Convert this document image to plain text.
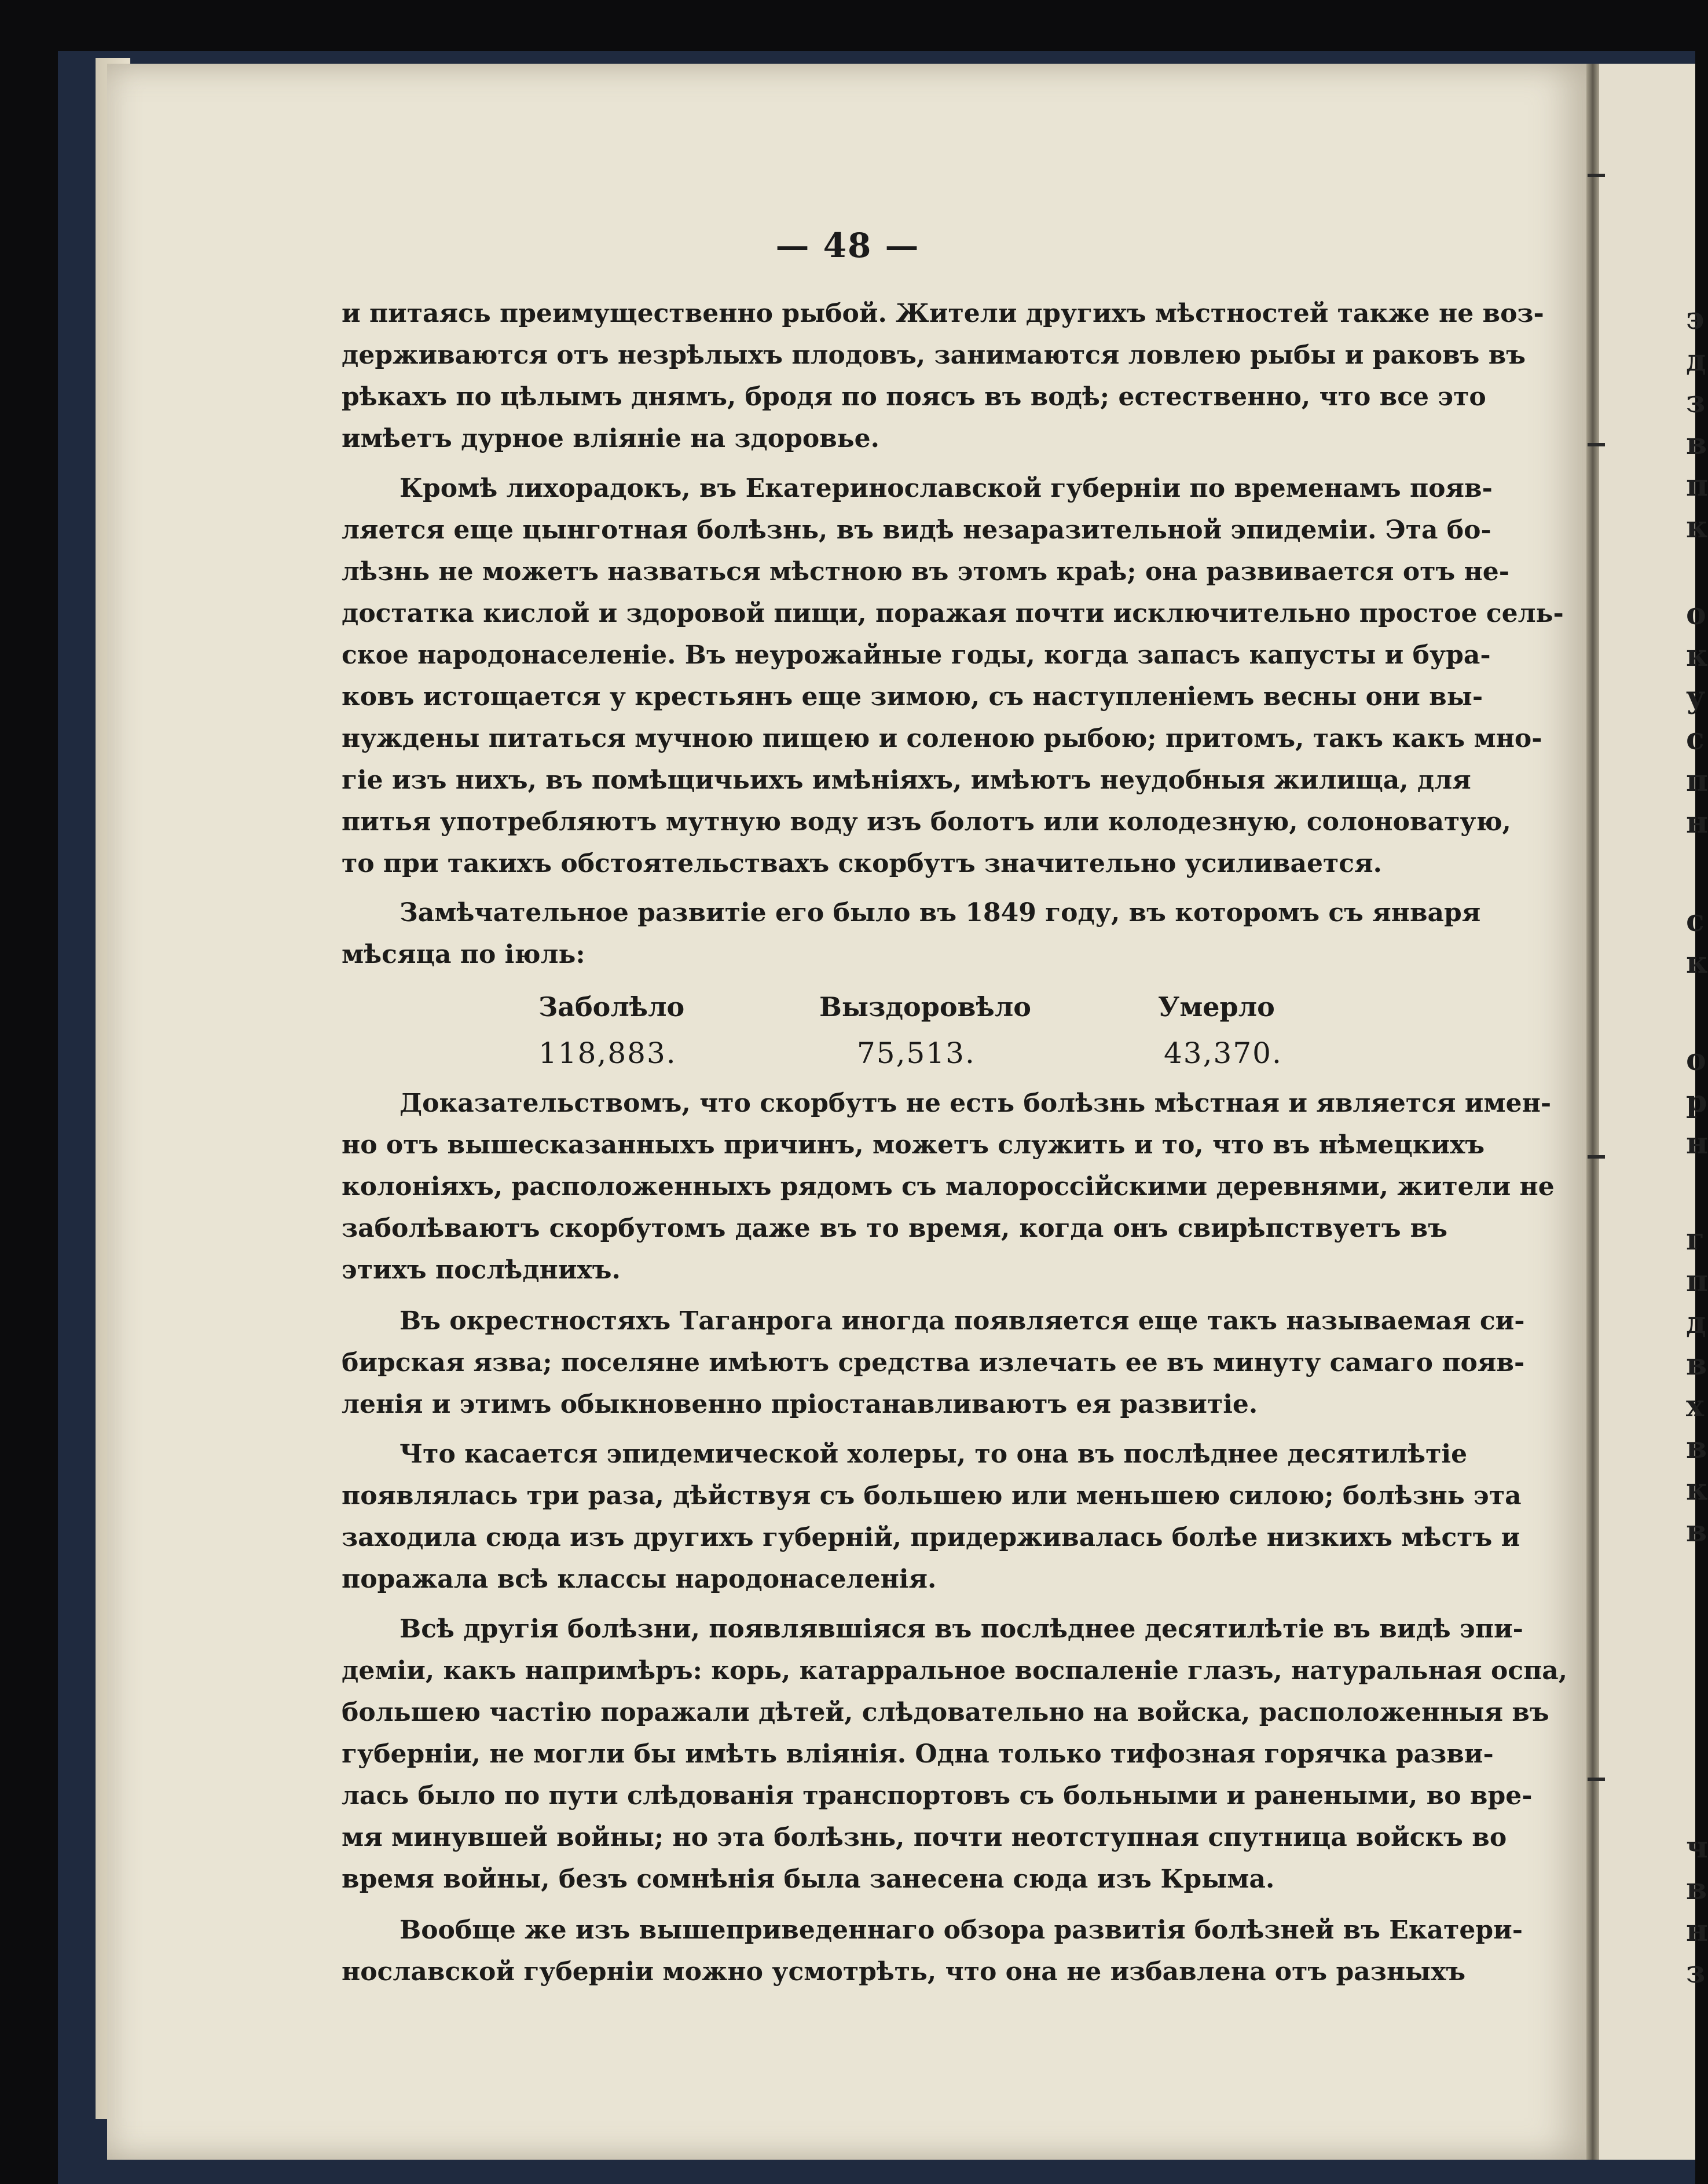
э
д
з
в
п
к
о
к
у
с
п
н
с
к
о
р
н
г
п
д
в
х
в
к
в
ч
в
н
з
— 48 —
и питаясь преимущественно рыбой. Жители другихъ мѣстностей также не воз-
держиваются отъ незрѣлыхъ плодовъ, занимаются ловлею рыбы и раковъ въ
рѣкахъ по цѣлымъ днямъ, бродя по поясъ въ водѣ; естественно, что все это
имѣетъ дурное вліяніе на здоровье.
Кромѣ лихорадокъ, въ Екатеринославской губерніи по временамъ появ-
ляется еще цынготная болѣзнь, въ видѣ незаразительной эпидеміи. Эта бо-
лѣзнь не можетъ назваться мѣстною въ этомъ краѣ; она развивается отъ не-
достатка кислой и здоровой пищи, поражая почти исключительно простое сель-
ское народонаселеніе. Въ неурожайные годы, когда запасъ капусты и бура-
ковъ истощается у крестьянъ еще зимою, съ наступленіемъ весны они вы-
нуждены питаться мучною пищею и соленою рыбою; притомъ, такъ какъ мно-
гіе изъ нихъ, въ помѣщичьихъ имѣніяхъ, имѣютъ неудобныя жилища, для
питья употребляютъ мутную воду изъ болотъ или колодезную, солоноватую,
то при такихъ обстоятельствахъ скорбутъ значительно усиливается.
Замѣчательное развитіе его было въ 1849 году, въ которомъ съ января
мѣсяца по іюль:
Заболѣло	Выздоровѣло	Умерло
118,883.	75,513.	43,370.
Доказательствомъ, что скорбутъ не есть болѣзнь мѣстная и является имен-
но отъ вышесказанныхъ причинъ, можетъ служить и то, что въ нѣмецкихъ
колоніяхъ, расположенныхъ рядомъ съ малороссійскими деревнями, жители не
заболѣваютъ скорбутомъ даже въ то время, когда онъ свирѣпствуетъ въ
этихъ послѣднихъ.
Въ окрестностяхъ Таганрога иногда появляется еще такъ называемая си-
бирская язва; поселяне имѣютъ средства излечать ее въ минуту самаго появ-
ленія и этимъ обыкновенно пріостанавливаютъ ея развитіе.
Что касается эпидемической холеры, то она въ послѣднее десятилѣтіе
появлялась три раза, дѣйствуя съ большею или меньшею силою; болѣзнь эта
заходила сюда изъ другихъ губерній, придерживалась болѣе низкихъ мѣстъ и
поражала всѣ классы народонаселенія.
Всѣ другія болѣзни, появлявшіяся въ послѣднее десятилѣтіе въ видѣ эпи-
деміи, какъ напримѣръ: корь, катарральное воспаленіе глазъ, натуральная оспа,
большею частію поражали дѣтей, слѣдовательно на войска, расположенныя въ
губерніи, не могли бы имѣть вліянія. Одна только тифозная горячка разви-
лась было по пути слѣдованія транспортовъ съ больными и ранеными, во вре-
мя минувшей войны; но эта болѣзнь, почти неотступная спутница войскъ во
время войны, безъ сомнѣнія была занесена сюда изъ Крыма.
Вообще же изъ вышеприведеннаго обзора развитія болѣзней въ Екатери-
нославской губерніи можно усмотрѣть, что она не избавлена отъ разныхъ
